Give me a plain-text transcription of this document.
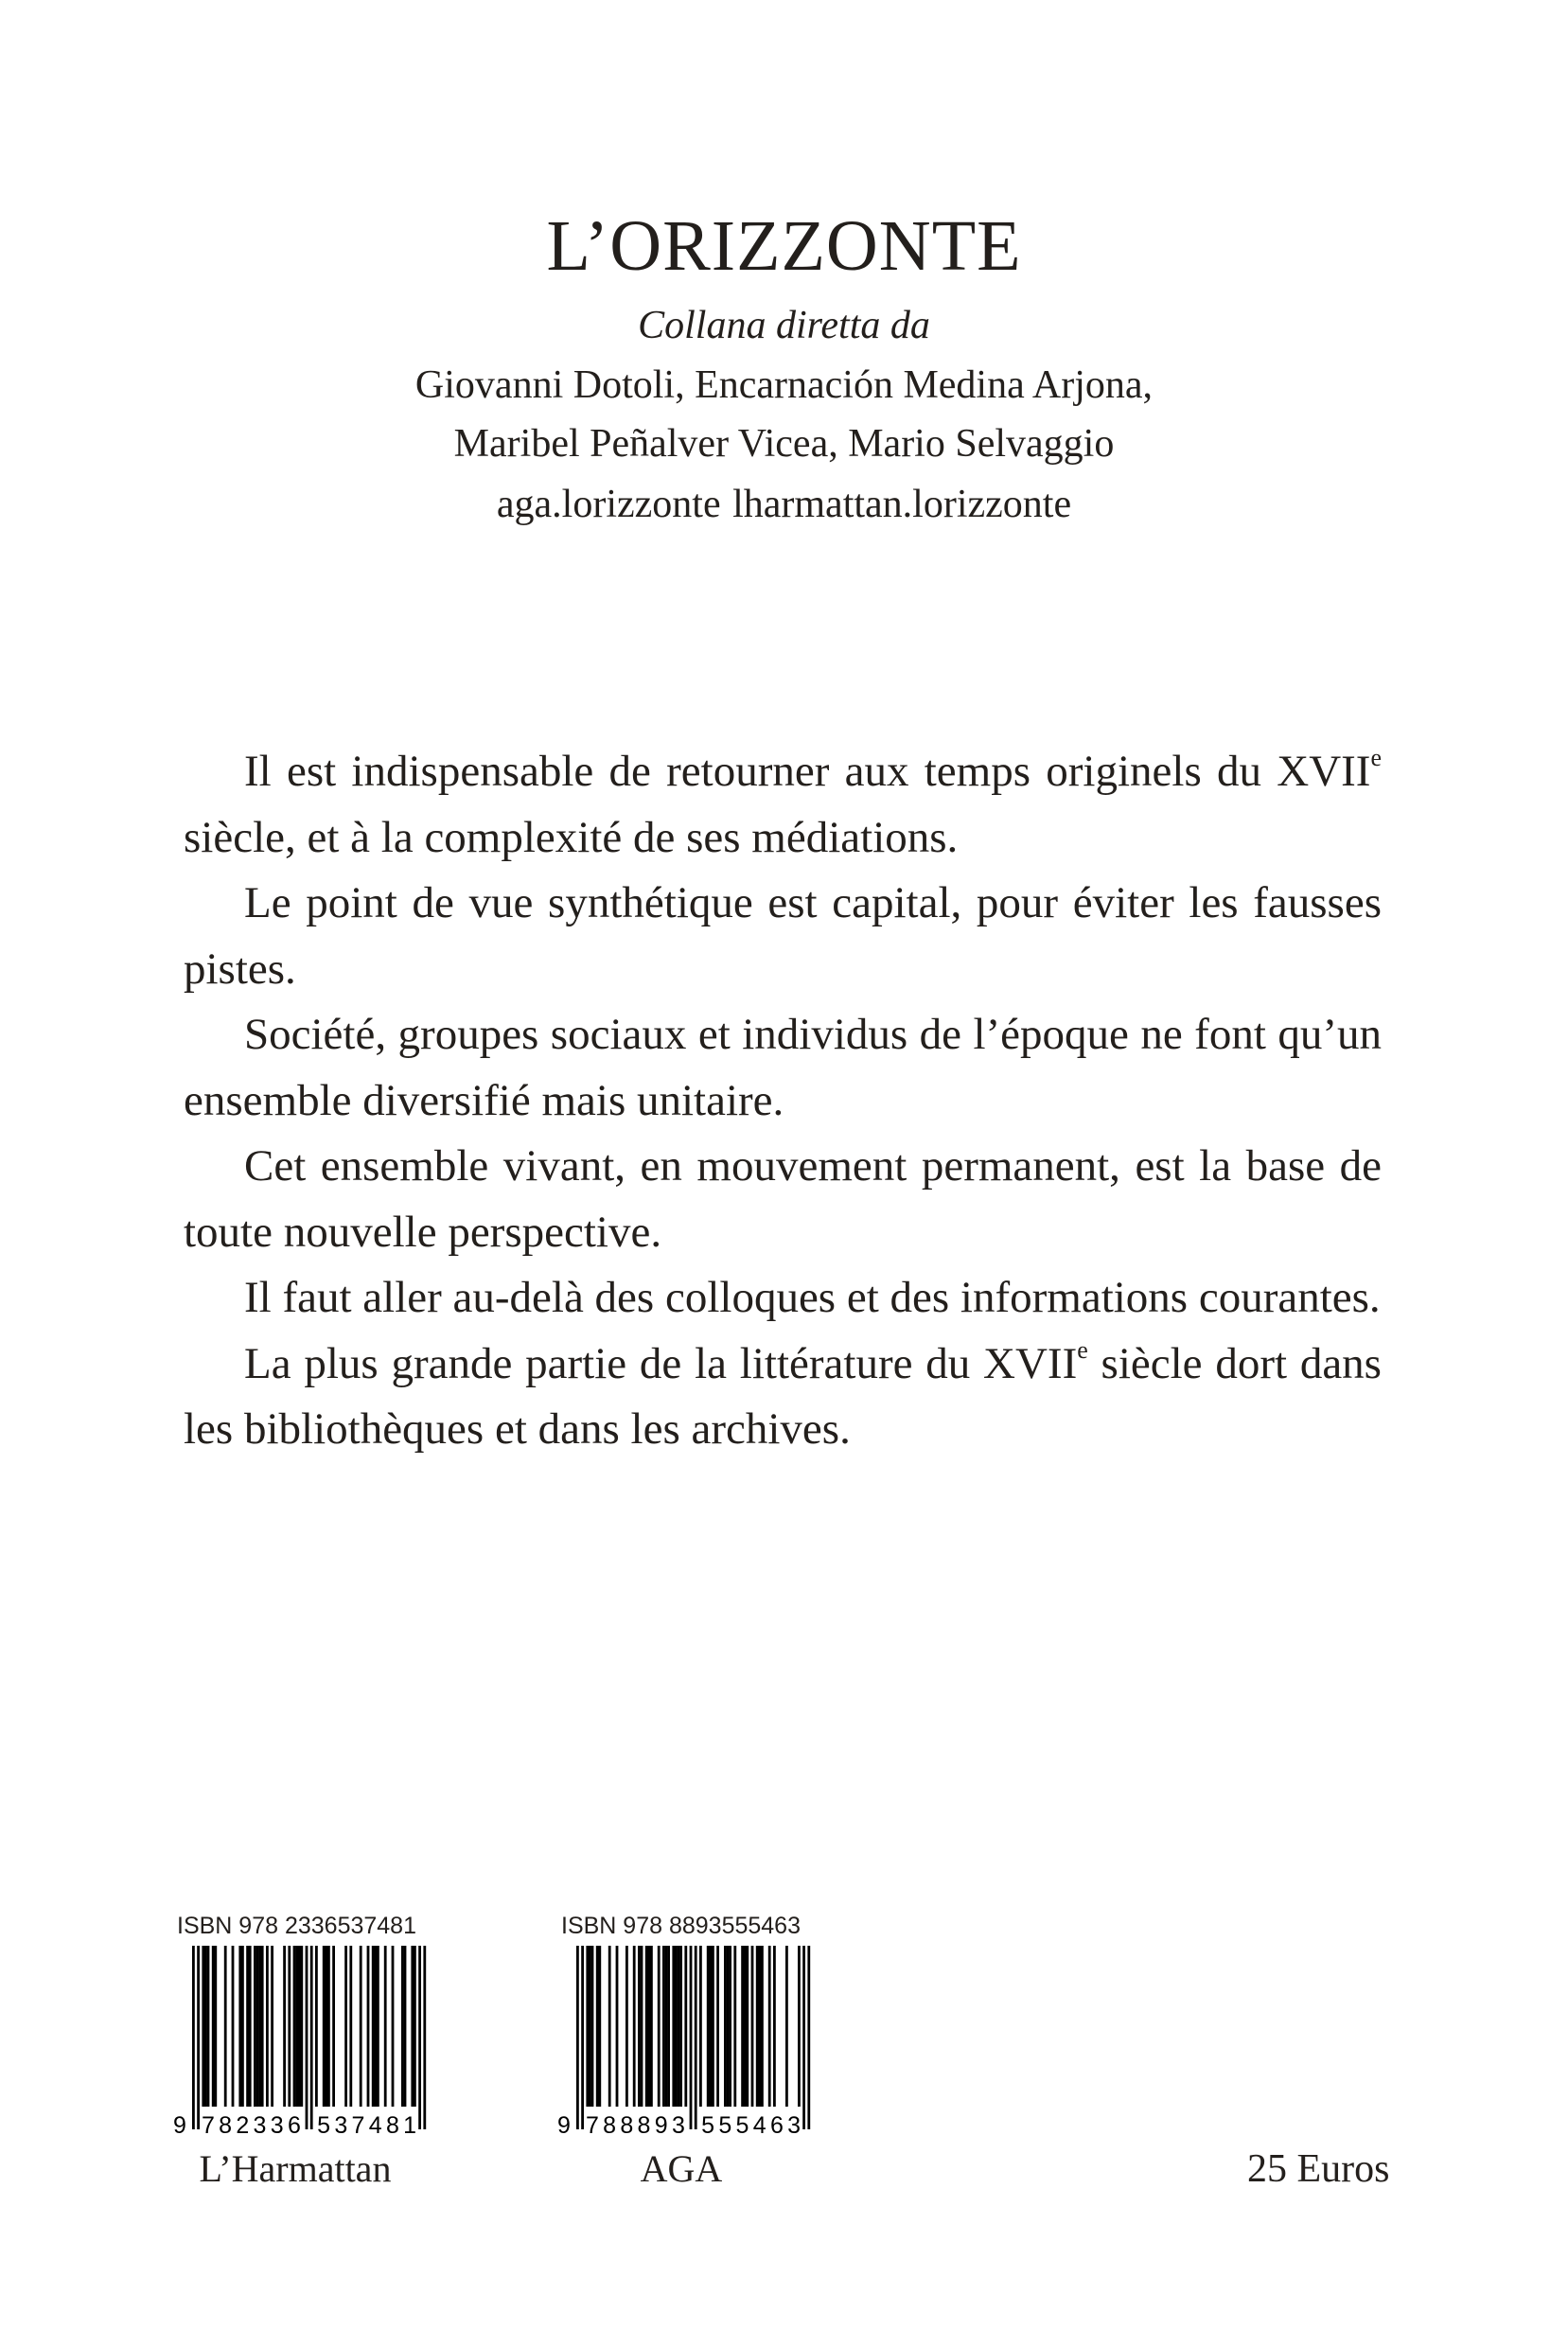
L’ORIZZONTE
Collana diretta da
Giovanni Dotoli, Encarnación Medina Arjona,
Maribel Peñalver Vicea, Mario Selvaggio
aga.lorizzonte lharmattan.lorizzonte

Il est indispensable de retourner aux temps originels du XVIIe siècle, et à la complexité de ses médiations.

Le point de vue synthétique est capital, pour éviter les fausses pistes.

Société, groupes sociaux et individus de l’époque ne font qu’un ensemble diversifié mais unitaire.

Cet ensemble vivant, en mouvement permanent, est la base de toute nouvelle perspective.

Il faut aller au-delà des colloques et des informations courantes.

La plus grande partie de la littérature du XVIIe siècle dort dans les bibliothèques et dans les archives.

ISBN 978 2336537481
9 7 8 2 3 3 6 5 3 7 4 8 1
L’Harmattan
ISBN 978 8893555463
9 7 8 8 8 9 3 5 5 5 4 6 3
AGA	25 Euros
